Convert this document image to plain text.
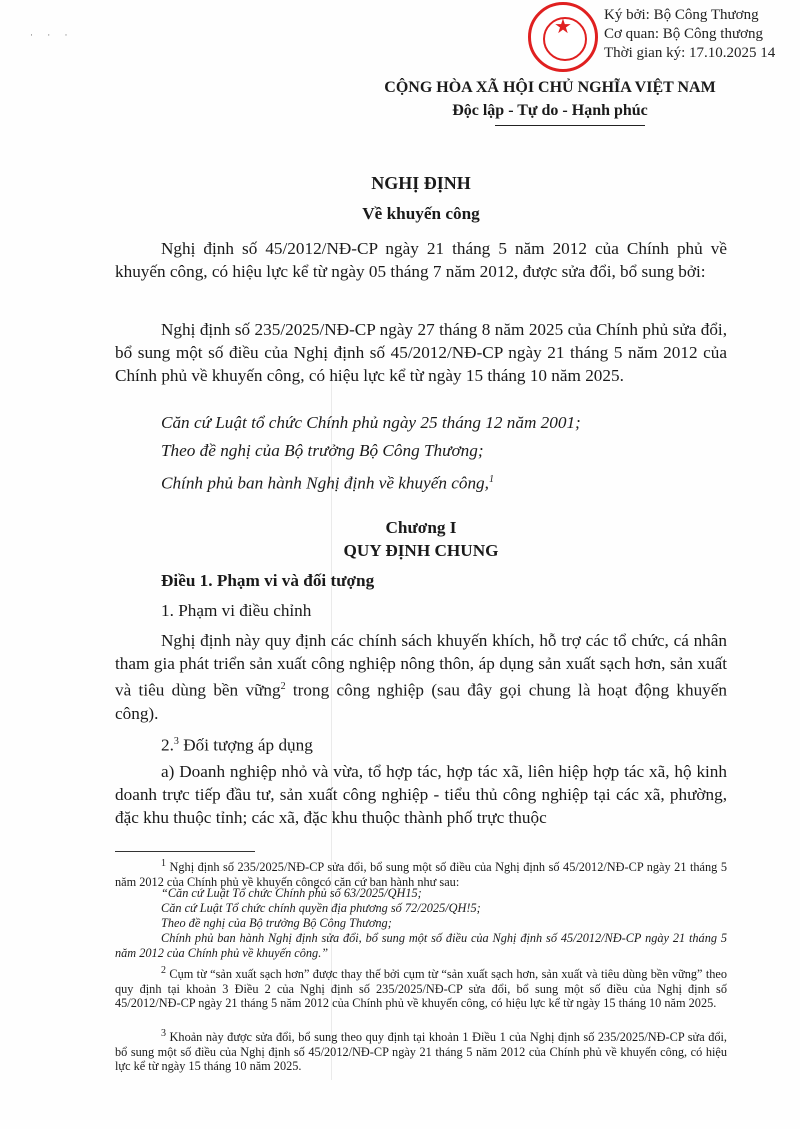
· · ·
CỘNG HÒA XÃ HỘI CHỦ NGHĨA VIỆT NAM
Độc lập - Tự do - Hạnh phúc
★
Ký bởi: Bộ Công Thương
Cơ quan: Bộ Công thương
Thời gian ký: 17.10.2025 14
NGHỊ ĐỊNH
Về khuyến công
Nghị định số 45/2012/NĐ-CP ngày 21 tháng 5 năm 2012 của Chính phủ về khuyến công, có hiệu lực kể từ ngày 05 tháng 7 năm 2012, được sửa đổi, bổ sung bởi:
Nghị định số 235/2025/NĐ-CP ngày 27 tháng 8 năm 2025 của Chính phủ sửa đổi, bổ sung một số điều của Nghị định số 45/2012/NĐ-CP ngày 21 tháng 5 năm 2012 của Chính phủ về khuyến công, có hiệu lực kể từ ngày 15 tháng 10 năm 2025.
Căn cứ Luật tổ chức Chính phủ ngày 25 tháng 12 năm 2001;
Theo đề nghị của Bộ trưởng Bộ Công Thương;
Chính phủ ban hành Nghị định về khuyến công,$^1$
Chương I
QUY ĐỊNH CHUNG
Điều 1. Phạm vi và đối tượng
1. Phạm vi điều chỉnh
Nghị định này quy định các chính sách khuyến khích, hỗ trợ các tổ chức, cá nhân tham gia phát triển sản xuất công nghiệp nông thôn, áp dụng sản xuất sạch hơn, sản xuất và tiêu dùng bền vững$^2$ trong công nghiệp (sau đây gọi chung là hoạt động khuyến công).
2.$^3$ Đối tượng áp dụng
a) Doanh nghiệp nhỏ và vừa, tổ hợp tác, hợp tác xã, liên hiệp hợp tác xã, hộ kinh doanh trực tiếp đầu tư, sản xuất công nghiệp - tiểu thủ công nghiệp tại các xã, phường, đặc khu thuộc tỉnh; các xã, đặc khu thuộc thành phố trực thuộc
$^1$ Nghị định số 235/2025/NĐ-CP sửa đổi, bổ sung một số điều của Nghị định số 45/2012/NĐ-CP ngày 21 tháng 5 năm 2012 của Chính phủ về khuyến côngcó căn cứ ban hành như sau:
“Căn cứ Luật Tổ chức Chính phủ số 63/2025/QH15;
Căn cứ Luật Tổ chức chính quyền địa phương số 72/2025/QH!5;
Theo đề nghị của Bộ trưởng Bộ Công Thương;
Chính phủ ban hành Nghị định sửa đổi, bổ sung một số điều của Nghị định số 45/2012/NĐ-CP ngày 21 tháng 5 năm 2012 của Chính phủ về khuyến công.”
$^2$ Cụm từ “sản xuất sạch hơn” được thay thế bởi cụm từ “sản xuất sạch hơn, sản xuất và tiêu dùng bền vững” theo quy định tại khoản 3 Điều 2 của Nghị định số 235/2025/NĐ-CP sửa đổi, bổ sung một số điều của Nghị định số 45/2012/NĐ-CP ngày 21 tháng 5 năm 2012 của Chính phủ về khuyến công, có hiệu lực kể từ ngày 15 tháng 10 năm 2025.
$^3$ Khoản này được sửa đổi, bổ sung theo quy định tại khoản 1 Điều 1 của Nghị định số 235/2025/NĐ-CP sửa đổi, bổ sung một số điều của Nghị định số 45/2012/NĐ-CP ngày 21 tháng 5 năm 2012 của Chính phủ về khuyến công, có hiệu lực kể từ ngày 15 tháng 10 năm 2025.
